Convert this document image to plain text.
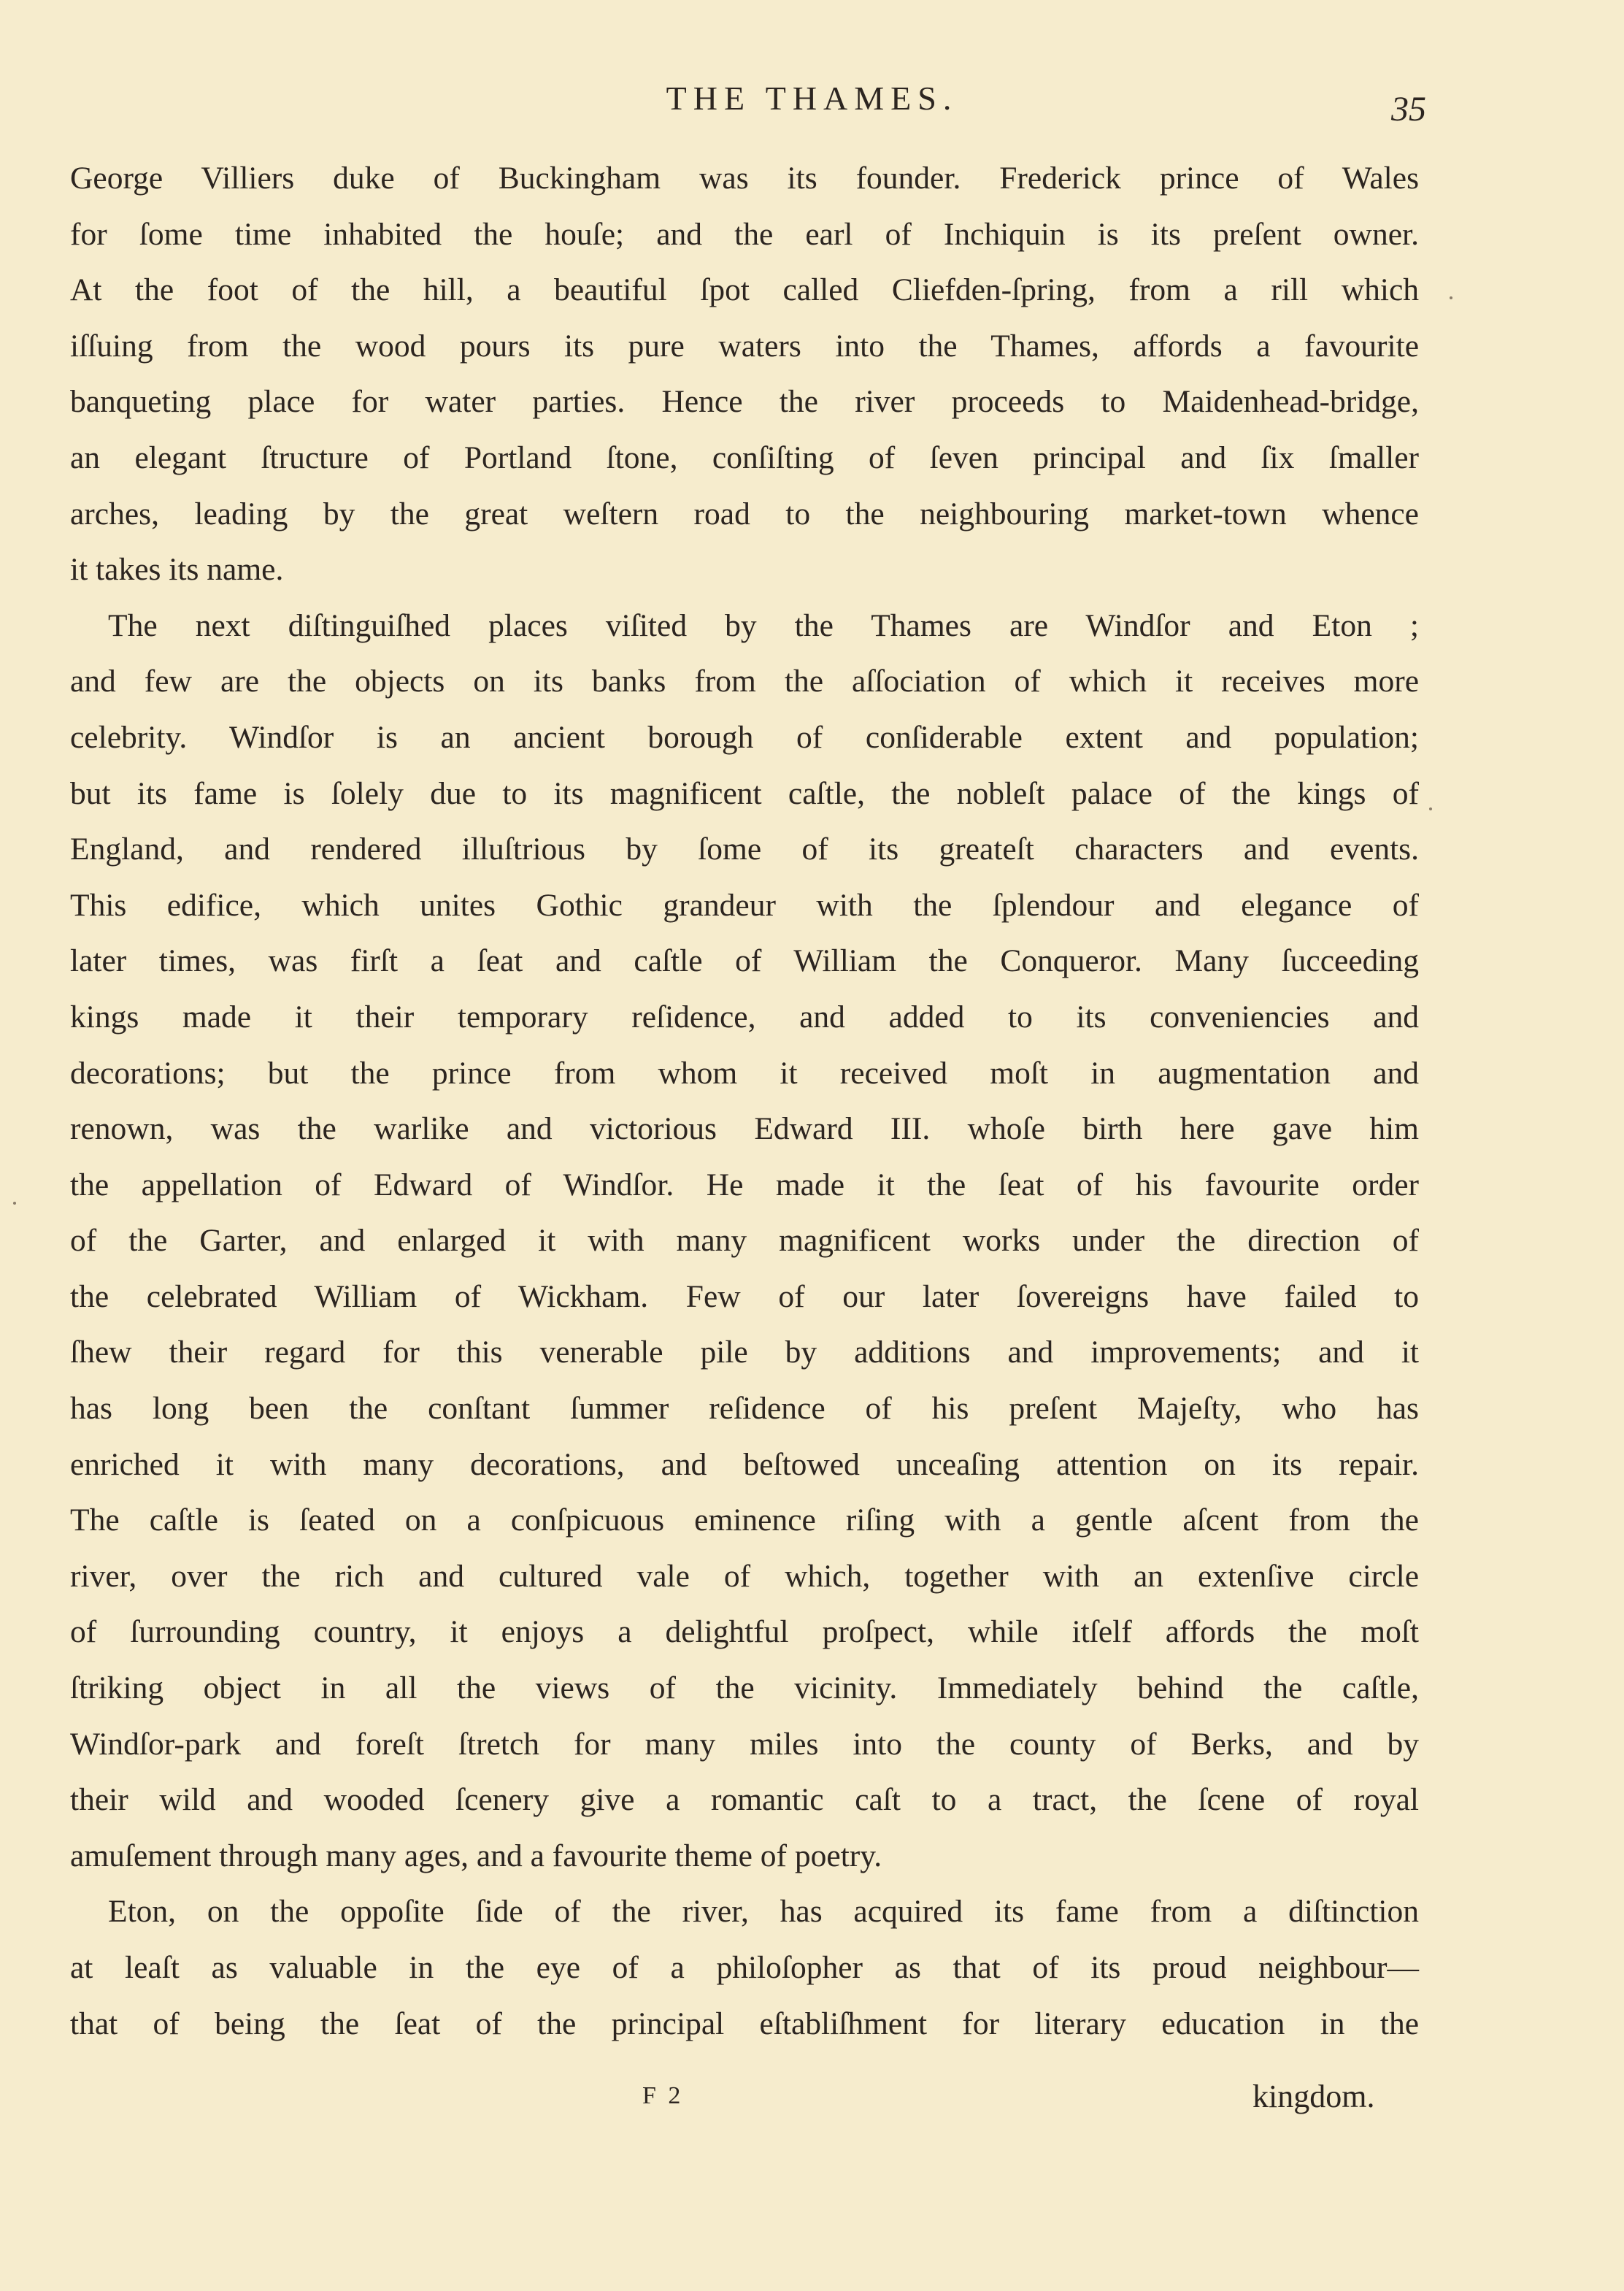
THE THAMES.	35
George Villiers duke of Buckingham was its founder. Frederick prince of Wales
for ſome time inhabited the houſe; and the earl of Inchiquin is its preſent owner.
At the foot of the hill, a beautiful ſpot called Cliefden-ſpring, from a rill which
iſſuing from the wood pours its pure waters into the Thames, affords a favourite
banqueting place for water parties. Hence the river proceeds to Maidenhead-bridge,
an elegant ſtructure of Portland ſtone, conſiſting of ſeven principal and ſix ſmaller
arches, leading by the great weſtern road to the neighbouring market-town whence
it takes its name.
The next diſtinguiſhed places viſited by the Thames are Windſor and Eton ;
and few are the objects on its banks from the aſſociation of which it receives more
celebrity. Windſor is an ancient borough of conſiderable extent and population;
but its fame is ſolely due to its magnificent caſtle, the nobleſt palace of the kings of
England, and rendered illuſtrious by ſome of its greateſt characters and events.
This edifice, which unites Gothic grandeur with the ſplendour and elegance of
later times, was firſt a ſeat and caſtle of William the Conqueror. Many ſucceeding
kings made it their temporary reſidence, and added to its conveniencies and
decorations; but the prince from whom it received moſt in augmentation and
renown, was the warlike and victorious Edward III. whoſe birth here gave him
the appellation of Edward of Windſor. He made it the ſeat of his favourite order
of the Garter, and enlarged it with many magnificent works under the direction of
the celebrated William of Wickham. Few of our later ſovereigns have failed to
ſhew their regard for this venerable pile by additions and improvements; and it
has long been the conſtant ſummer reſidence of his preſent Majeſty, who has
enriched it with many decorations, and beſtowed unceaſing attention on its repair.
The caſtle is ſeated on a conſpicuous eminence riſing with a gentle aſcent from the
river, over the rich and cultured vale of which, together with an extenſive circle
of ſurrounding country, it enjoys a delightful proſpect, while itſelf affords the moſt
ſtriking object in all the views of the vicinity. Immediately behind the caſtle,
Windſor-park and foreſt ſtretch for many miles into the county of Berks, and by
their wild and wooded ſcenery give a romantic caſt to a tract, the ſcene of royal
amuſement through many ages, and a favourite theme of poetry.
Eton, on the oppoſite ſide of the river, has acquired its fame from a diſtinction
at leaſt as valuable in the eye of a philoſopher as that of its proud neighbour—
that of being the ſeat of the principal eſtabliſhment for literary education in the
F 2	kingdom.
